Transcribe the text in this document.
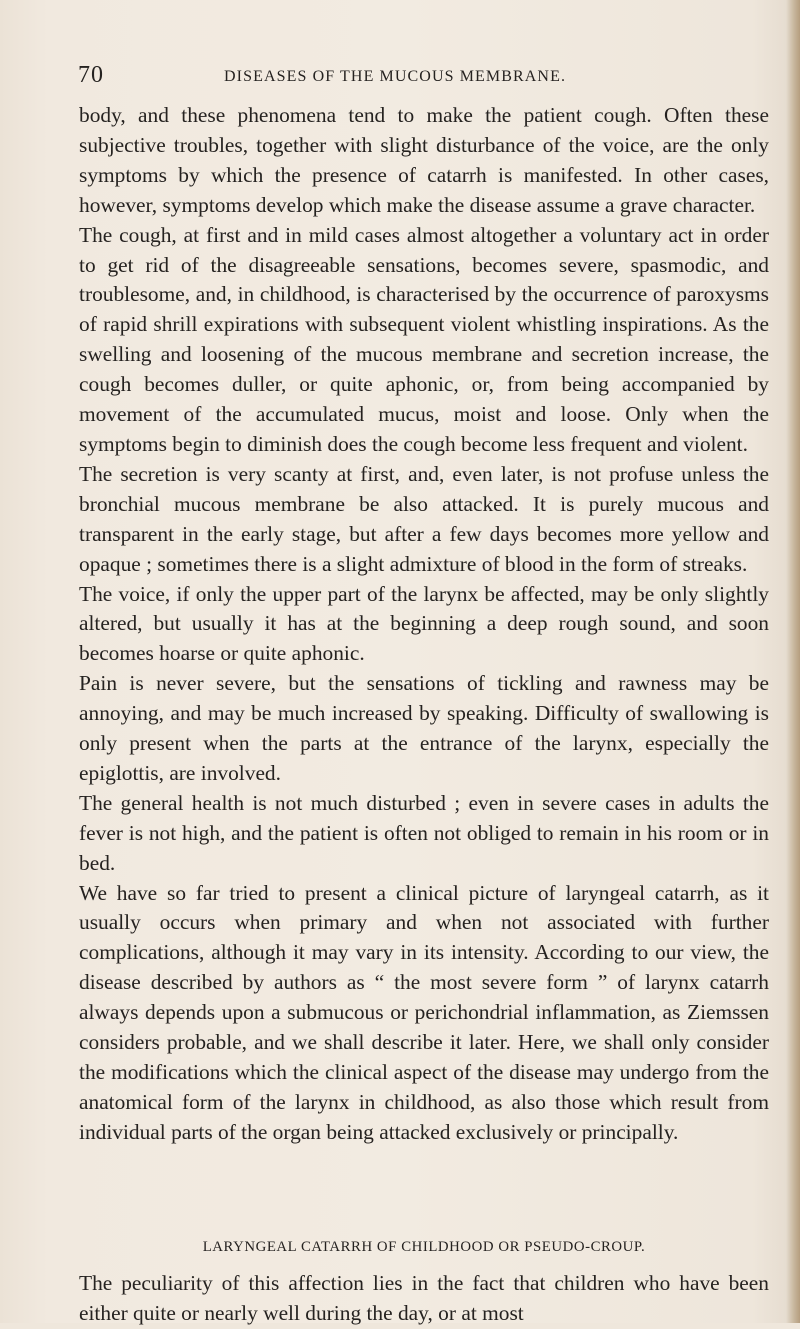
70	DISEASES OF THE MUCOUS MEMBRANE.

body, and these phenomena tend to make the patient cough. Often these subjective troubles, together with slight disturbance of the voice, are the only symptoms by which the presence of catarrh is manifested. In other cases, however, symptoms develop which make the disease assume a grave character.

The cough, at first and in mild cases almost altogether a voluntary act in order to get rid of the disagreeable sensations, becomes severe, spasmodic, and troublesome, and, in childhood, is characterised by the occurrence of paroxysms of rapid shrill expirations with subsequent violent whistling inspirations. As the swelling and loosening of the mucous membrane and secretion increase, the cough becomes duller, or quite aphonic, or, from being accompanied by movement of the accumulated mucus, moist and loose. Only when the symptoms begin to diminish does the cough become less frequent and violent.

The secretion is very scanty at first, and, even later, is not profuse unless the bronchial mucous membrane be also attacked. It is purely mucous and transparent in the early stage, but after a few days becomes more yellow and opaque ; sometimes there is a slight admixture of blood in the form of streaks.

The voice, if only the upper part of the larynx be affected, may be only slightly altered, but usually it has at the beginning a deep rough sound, and soon becomes hoarse or quite aphonic.

Pain is never severe, but the sensations of tickling and rawness may be annoying, and may be much increased by speaking. Difficulty of swallowing is only present when the parts at the entrance of the larynx, especially the epiglottis, are involved.

The general health is not much disturbed ; even in severe cases in adults the fever is not high, and the patient is often not obliged to remain in his room or in bed.

We have so far tried to present a clinical picture of laryngeal catarrh, as it usually occurs when primary and when not associated with further complications, although it may vary in its intensity. According to our view, the disease described by authors as “ the most severe form ” of larynx catarrh always depends upon a submucous or perichondrial inflammation, as Ziemssen considers probable, and we shall describe it later. Here, we shall only consider the modifications which the clinical aspect of the disease may undergo from the anatomical form of the larynx in childhood, as also those which result from individual parts of the organ being attacked exclusively or principally.

LARYNGEAL CATARRH OF CHILDHOOD OR PSEUDO-CROUP.
The peculiarity of this affection lies in the fact that children who have been either quite or nearly well during the day, or at most
